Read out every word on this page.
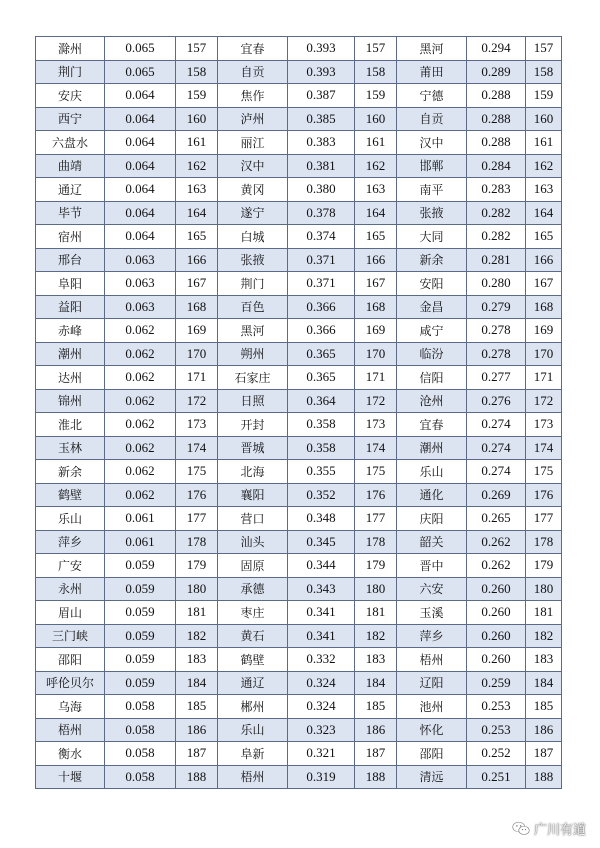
滁州	0.065	157	宜春	0.393	157	黑河	0.294	157
荆门	0.065	158	自贡	0.393	158	莆田	0.289	158
安庆	0.064	159	焦作	0.387	159	宁德	0.288	159
西宁	0.064	160	泸州	0.385	160	自贡	0.288	160
六盘水	0.064	161	丽江	0.383	161	汉中	0.288	161
曲靖	0.064	162	汉中	0.381	162	邯郸	0.284	162
通辽	0.064	163	黄冈	0.380	163	南平	0.283	163
毕节	0.064	164	遂宁	0.378	164	张掖	0.282	164
宿州	0.064	165	白城	0.374	165	大同	0.282	165
邢台	0.063	166	张掖	0.371	166	新余	0.281	166
阜阳	0.063	167	荆门	0.371	167	安阳	0.280	167
益阳	0.063	168	百色	0.366	168	金昌	0.279	168
赤峰	0.062	169	黑河	0.366	169	咸宁	0.278	169
潮州	0.062	170	朔州	0.365	170	临汾	0.278	170
达州	0.062	171	石家庄	0.365	171	信阳	0.277	171
锦州	0.062	172	日照	0.364	172	沧州	0.276	172
淮北	0.062	173	开封	0.358	173	宜春	0.274	173
玉林	0.062	174	晋城	0.358	174	潮州	0.274	174
新余	0.062	175	北海	0.355	175	乐山	0.274	175
鹤壁	0.062	176	襄阳	0.352	176	通化	0.269	176
乐山	0.061	177	营口	0.348	177	庆阳	0.265	177
萍乡	0.061	178	汕头	0.345	178	韶关	0.262	178
广安	0.059	179	固原	0.344	179	晋中	0.262	179
永州	0.059	180	承德	0.343	180	六安	0.260	180
眉山	0.059	181	枣庄	0.341	181	玉溪	0.260	181
三门峡	0.059	182	黄石	0.341	182	萍乡	0.260	182
邵阳	0.059	183	鹤壁	0.332	183	梧州	0.260	183
呼伦贝尔	0.059	184	通辽	0.324	184	辽阳	0.259	184
乌海	0.058	185	郴州	0.324	185	池州	0.253	185
梧州	0.058	186	乐山	0.323	186	怀化	0.253	186
衡水	0.058	187	阜新	0.321	187	邵阳	0.252	187
十堰	0.058	188	梧州	0.319	188	清远	0.251	188
广川有道
